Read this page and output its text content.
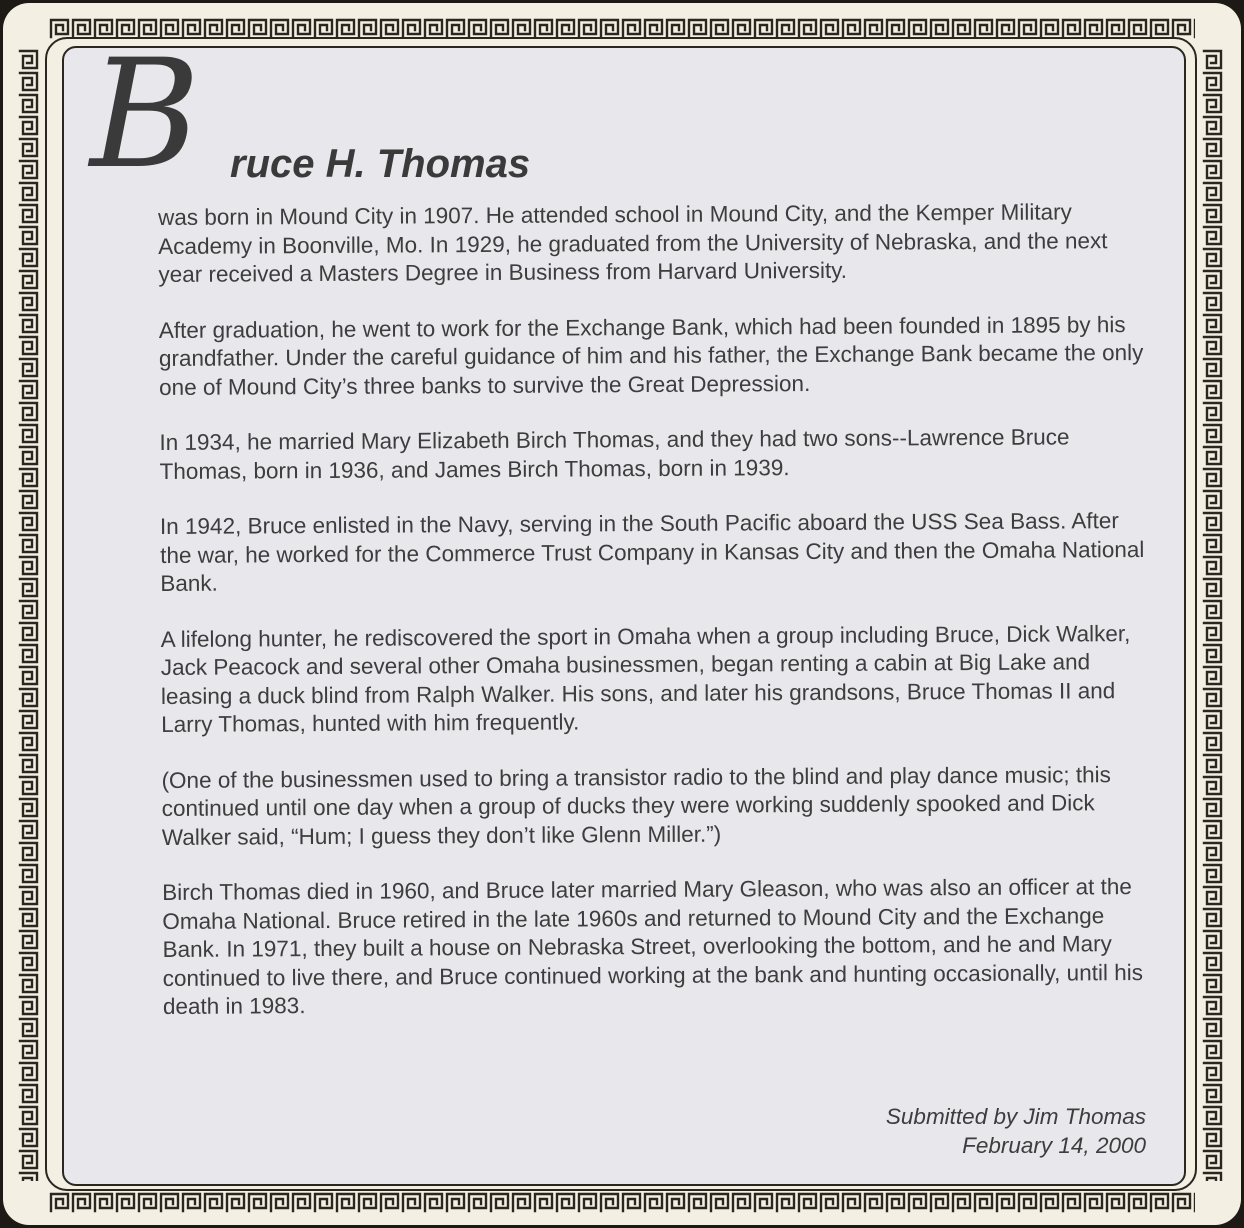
B ruce H. Thomas

was born in Mound City in 1907. He attended school in Mound City, and the Kemper Military Academy in Boonville, Mo. In 1929, he graduated from the University of Nebraska, and the next year received a Masters Degree in Business from Harvard University.

After graduation, he went to work for the Exchange Bank, which had been founded in 1895 by his grandfather. Under the careful guidance of him and his father, the Exchange Bank became the only one of Mound City’s three banks to survive the Great Depression.

In 1934, he married Mary Elizabeth Birch Thomas, and they had two sons--Lawrence Bruce Thomas, born in 1936, and James Birch Thomas, born in 1939.

In 1942, Bruce enlisted in the Navy, serving in the South Pacific aboard the USS Sea Bass. After the war, he worked for the Commerce Trust Company in Kansas City and then the Omaha National Bank.

A lifelong hunter, he rediscovered the sport in Omaha when a group including Bruce, Dick Walker, Jack Peacock and several other Omaha businessmen, began renting a cabin at Big Lake and leasing a duck blind from Ralph Walker. His sons, and later his grandsons, Bruce Thomas II and Larry Thomas, hunted with him frequently.

(One of the businessmen used to bring a transistor radio to the blind and play dance music; this continued until one day when a group of ducks they were working suddenly spooked and Dick Walker said, “Hum; I guess they don’t like Glenn Miller.”)

Birch Thomas died in 1960, and Bruce later married Mary Gleason, who was also an officer at the Omaha National. Bruce retired in the late 1960s and returned to Mound City and the Exchange Bank. In 1971, they built a house on Nebraska Street, overlooking the bottom, and he and Mary continued to live there, and Bruce continued working at the bank and hunting occasionally, until his death in 1983.

Submitted by Jim Thomas
February 14, 2000
